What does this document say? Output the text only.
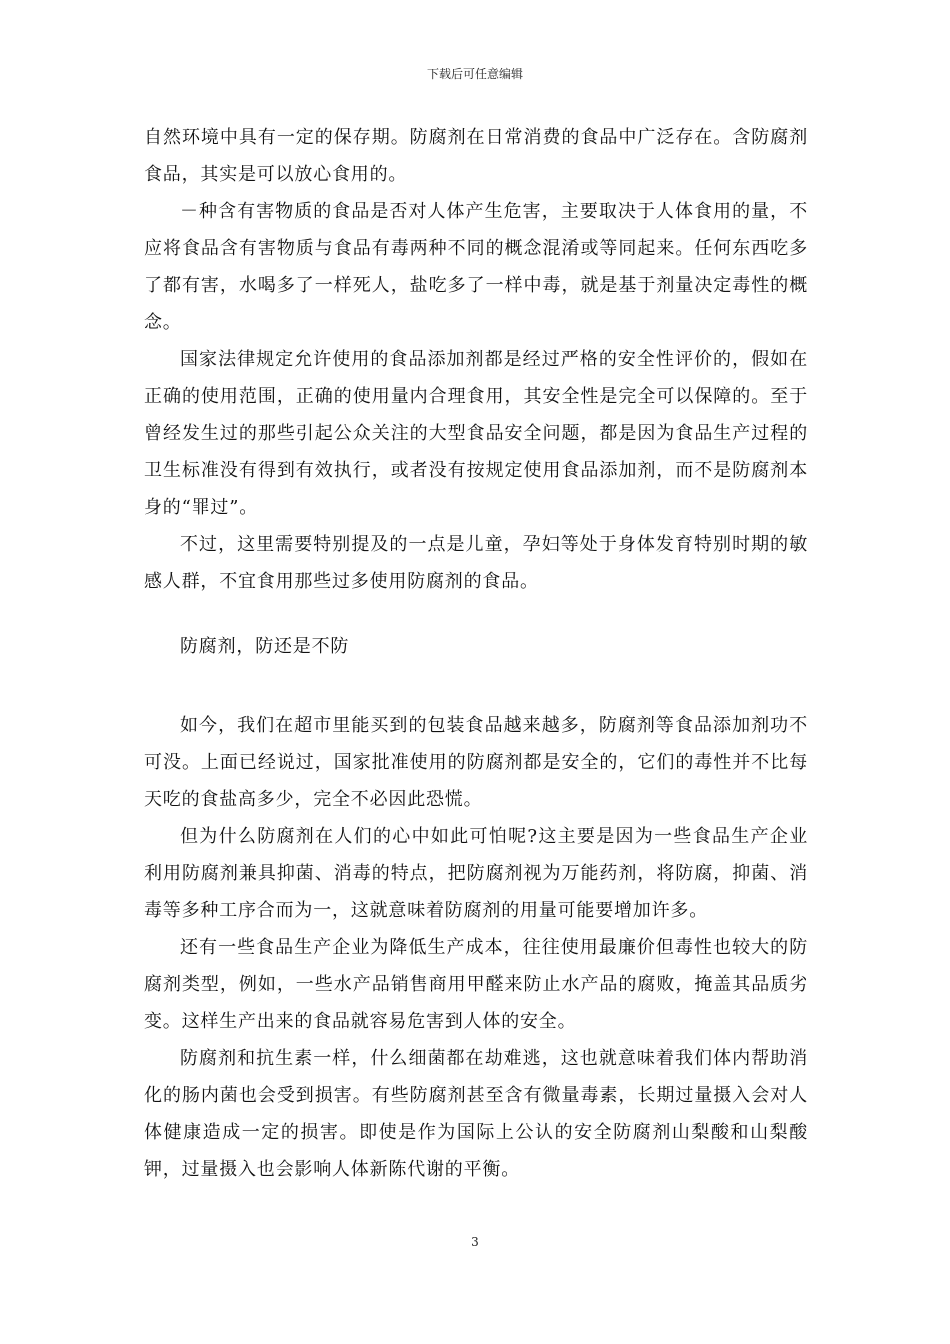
下载后可任意编辑

自然环境中具有一定的保存期。防腐剂在日常消费的食品中广泛存在。含防腐剂食品，其实是可以放心食用的。

－种含有害物质的食品是否对人体产生危害，主要取决于人体食用的量，不应将食品含有害物质与食品有毒两种不同的概念混淆或等同起来。任何东西吃多了都有害，水喝多了一样死人，盐吃多了一样中毒，就是基于剂量决定毒性的概念。

国家法律规定允许使用的食品添加剂都是经过严格的安全性评价的，假如在正确的使用范围，正确的使用量内合理食用，其安全性是完全可以保障的。至于曾经发生过的那些引起公众关注的大型食品安全问题，都是因为食品生产过程的卫生标准没有得到有效执行，或者没有按规定使用食品添加剂，而不是防腐剂本身的“罪过”。

不过，这里需要特别提及的一点是儿童，孕妇等处于身体发育特别时期的敏感人群，不宜食用那些过多使用防腐剂的食品。

防腐剂，防还是不防

如今，我们在超市里能买到的包装食品越来越多，防腐剂等食品添加剂功不可没。上面已经说过，国家批准使用的防腐剂都是安全的，它们的毒性并不比每天吃的食盐高多少，完全不必因此恐慌。

但为什么防腐剂在人们的心中如此可怕呢?这主要是因为一些食品生产企业利用防腐剂兼具抑菌、消毒的特点，把防腐剂视为万能药剂，将防腐，抑菌、消毒等多种工序合而为一，这就意味着防腐剂的用量可能要增加许多。

还有一些食品生产企业为降低生产成本，往往使用最廉价但毒性也较大的防腐剂类型，例如，一些水产品销售商用甲醛来防止水产品的腐败，掩盖其品质劣变。这样生产出来的食品就容易危害到人体的安全。

防腐剂和抗生素一样，什么细菌都在劫难逃，这也就意味着我们体内帮助消化的肠内菌也会受到损害。有些防腐剂甚至含有微量毒素，长期过量摄入会对人体健康造成一定的损害。即使是作为国际上公认的安全防腐剂山梨酸和山梨酸钾，过量摄入也会影响人体新陈代谢的平衡。

3
